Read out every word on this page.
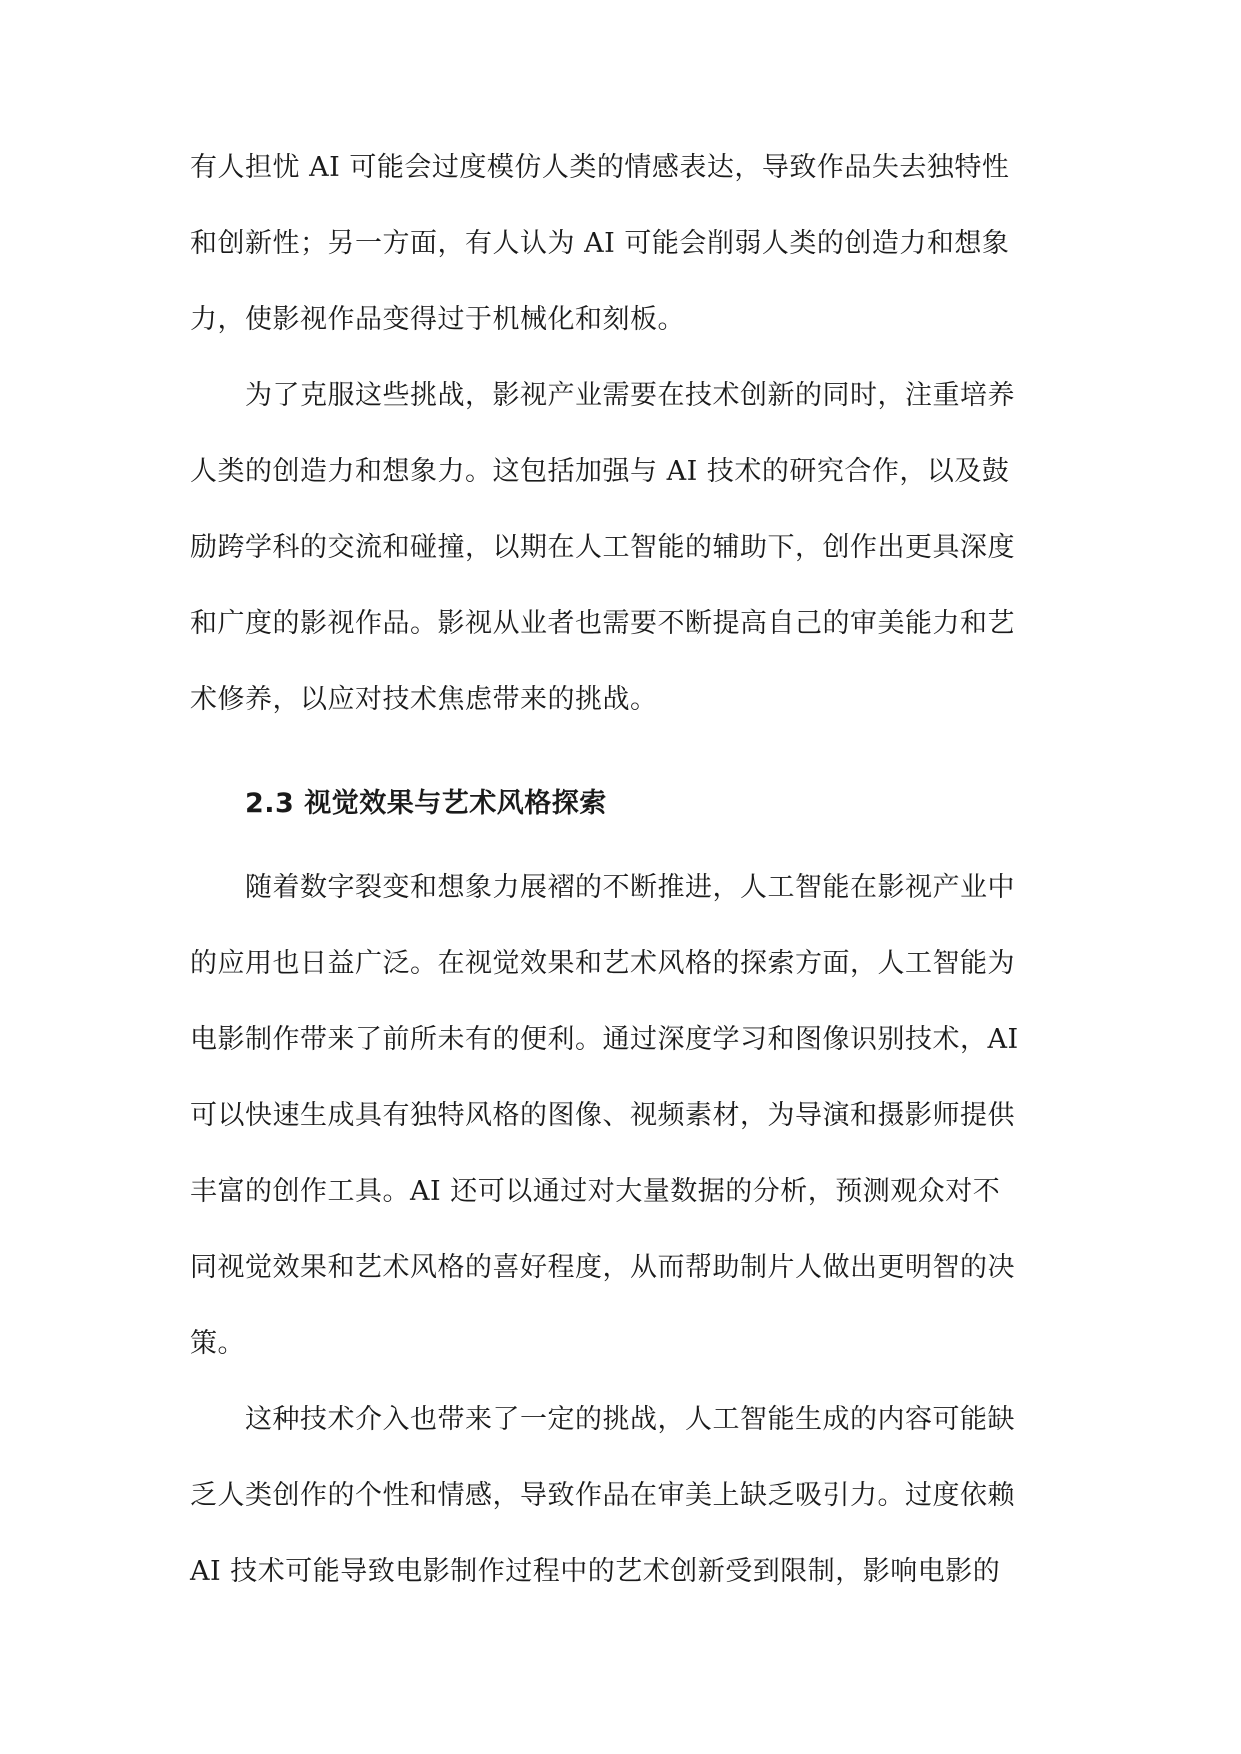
有人担忧 AI 可能会过度模仿人类的情感表达，导致作品失去独特性
和创新性；另一方面，有人认为 AI 可能会削弱人类的创造力和想象
力，使影视作品变得过于机械化和刻板。
为了克服这些挑战，影视产业需要在技术创新的同时，注重培养
人类的创造力和想象力。这包括加强与 AI 技术的研究合作，以及鼓
励跨学科的交流和碰撞，以期在人工智能的辅助下，创作出更具深度
和广度的影视作品。影视从业者也需要不断提高自己的审美能力和艺
术修养，以应对技术焦虑带来的挑战。
2.3 视觉效果与艺术风格探索
随着数字裂变和想象力展褶的不断推进，人工智能在影视产业中
的应用也日益广泛。在视觉效果和艺术风格的探索方面，人工智能为
电影制作带来了前所未有的便利。通过深度学习和图像识别技术，AI
可以快速生成具有独特风格的图像、视频素材，为导演和摄影师提供
丰富的创作工具。AI 还可以通过对大量数据的分析，预测观众对不
同视觉效果和艺术风格的喜好程度，从而帮助制片人做出更明智的决
策。
这种技术介入也带来了一定的挑战，人工智能生成的内容可能缺
乏人类创作的个性和情感，导致作品在审美上缺乏吸引力。过度依赖
AI 技术可能导致电影制作过程中的艺术创新受到限制，影响电影的
